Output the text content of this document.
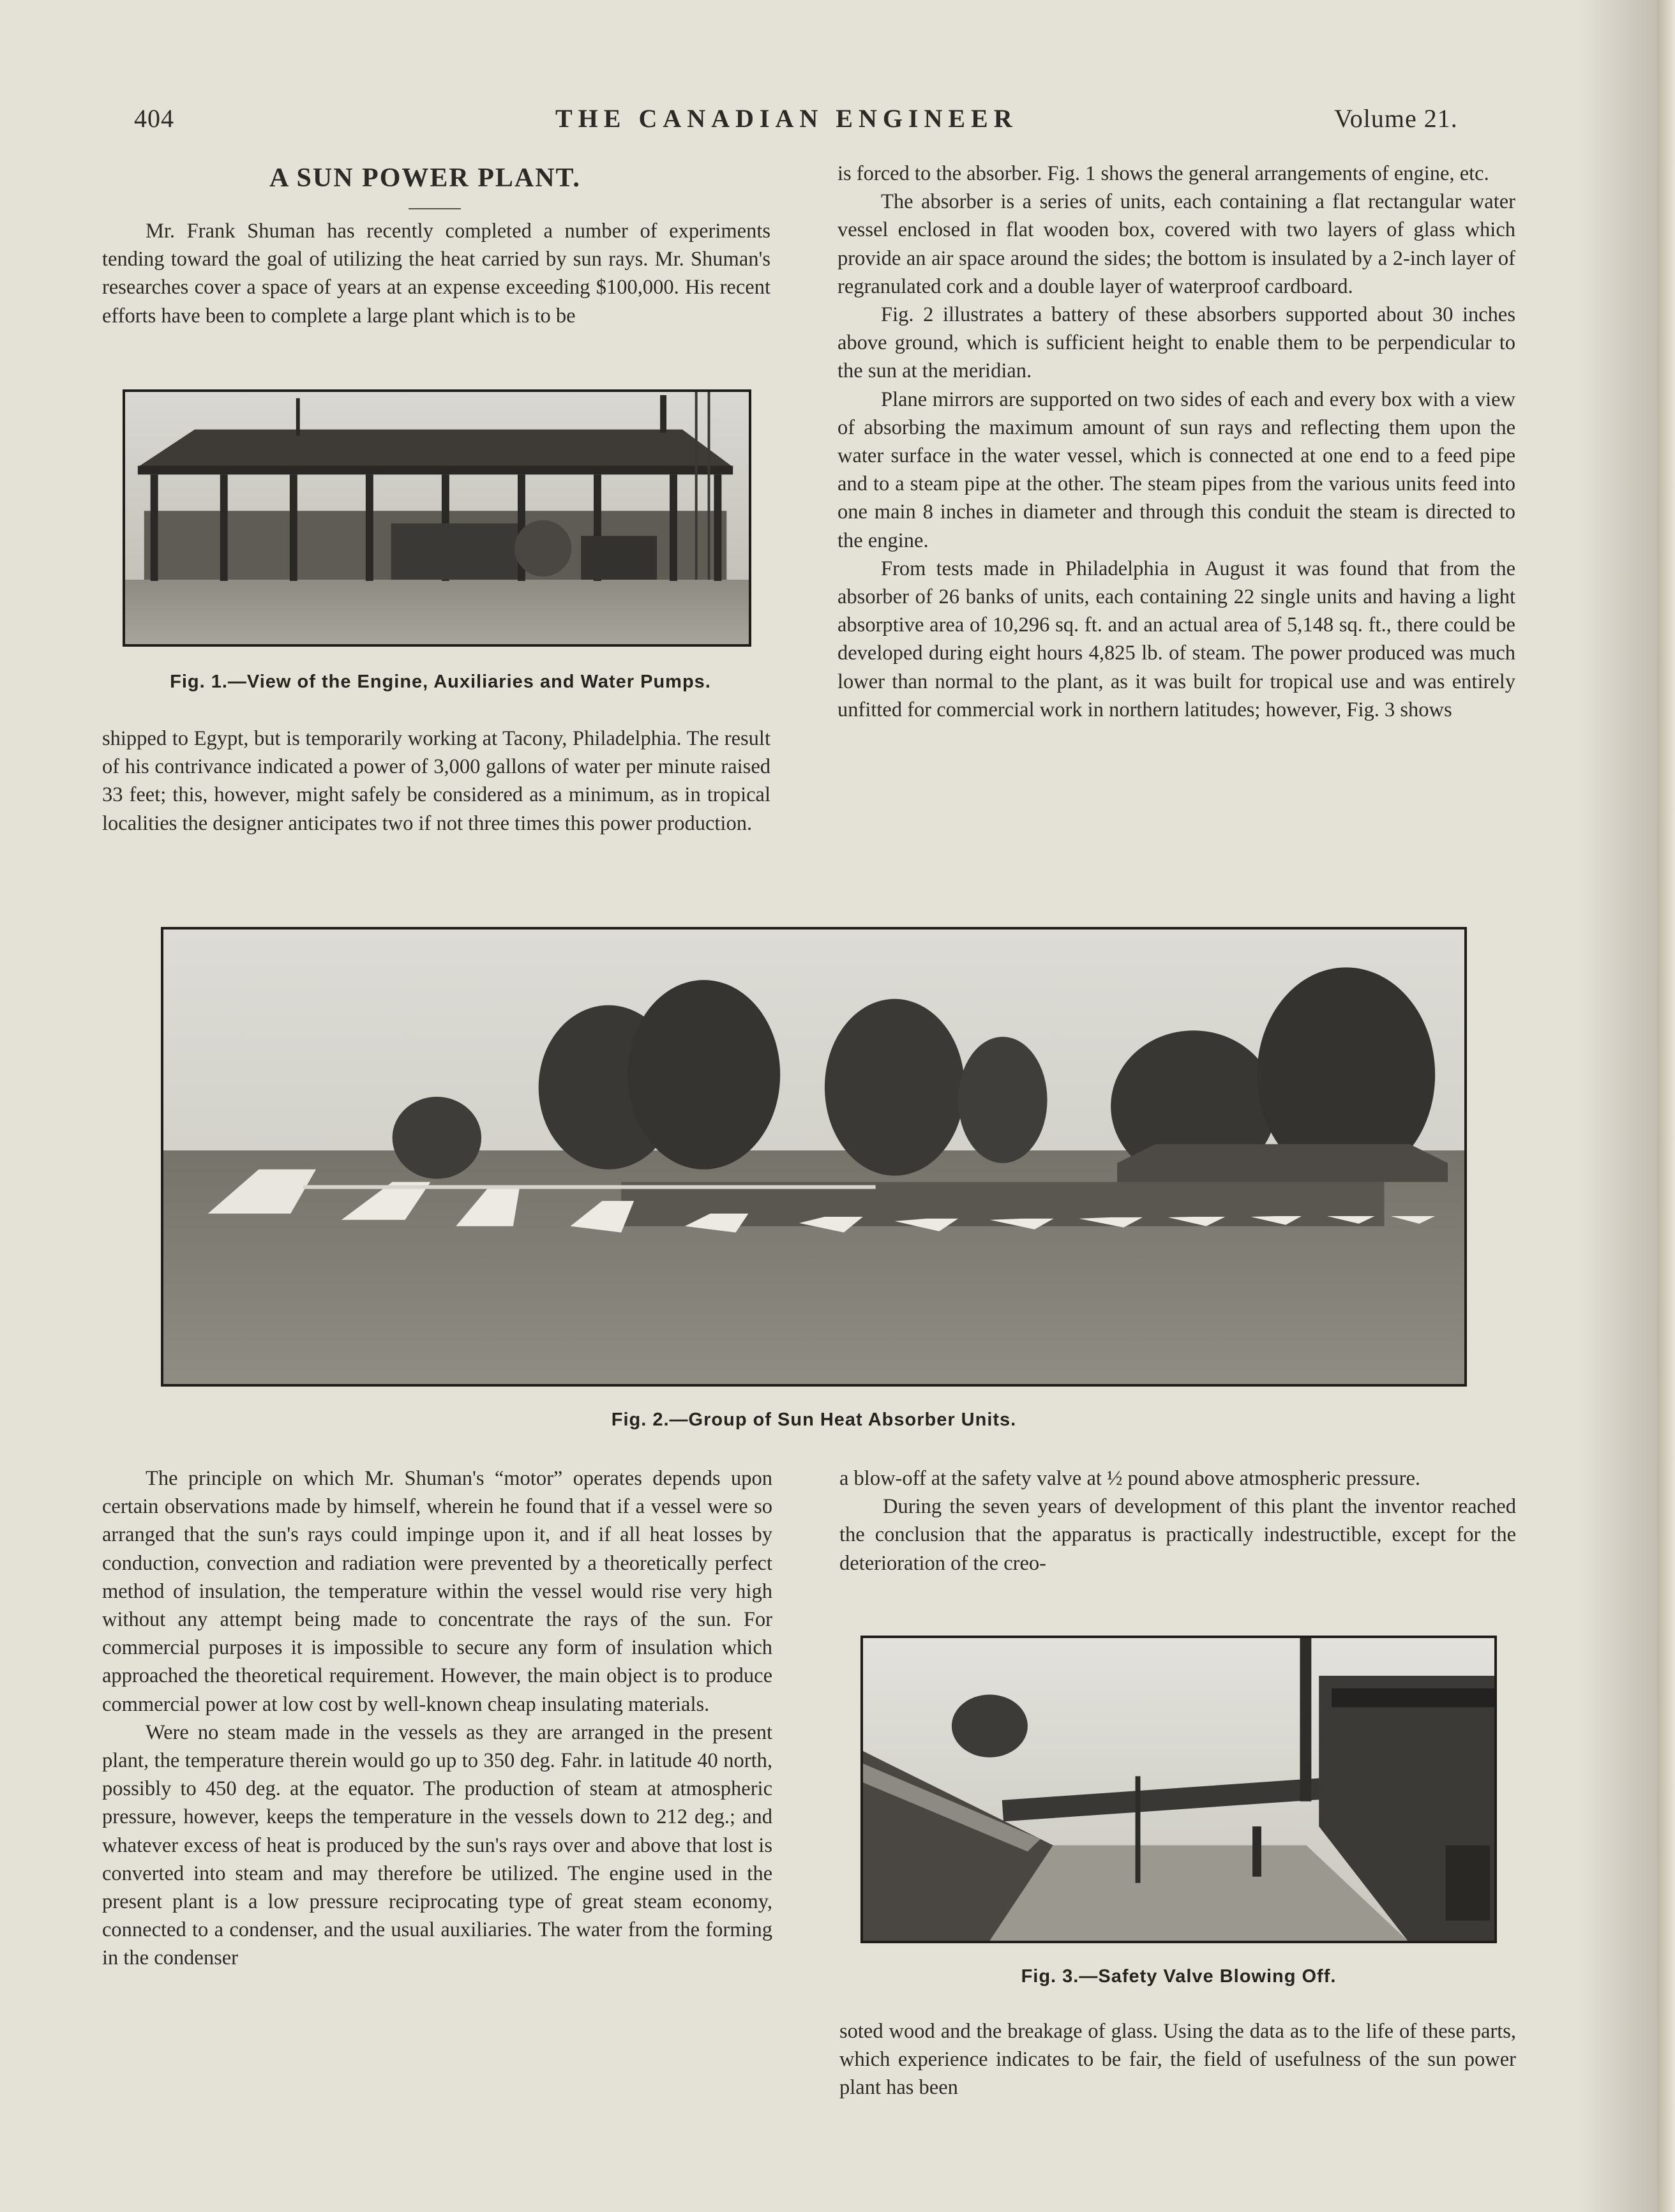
404	THE CANADIAN ENGINEER	Volume 21.
A SUN POWER PLANT.

Mr. Frank Shuman has recently completed a number of experiments tending toward the goal of utilizing the heat carried by sun rays. Mr. Shuman's researches cover a space of years at an expense exceeding $100,000. His recent efforts have been to complete a large plant which is to be

Fig. 1.—View of the Engine, Auxiliaries and Water Pumps.

shipped to Egypt, but is temporarily working at Tacony, Philadelphia. The result of his contrivance indicated a power of 3,000 gallons of water per minute raised 33 feet; this, however, might safely be considered as a minimum, as in tropical localities the designer anticipates two if not three times this power production.

is forced to the absorber. Fig. 1 shows the general arrangements of engine, etc.

The absorber is a series of units, each containing a flat rectangular water vessel enclosed in flat wooden box, covered with two layers of glass which provide an air space around the sides; the bottom is insulated by a 2-inch layer of regranulated cork and a double layer of waterproof cardboard.

Fig. 2 illustrates a battery of these absorbers supported about 30 inches above ground, which is sufficient height to enable them to be perpendicular to the sun at the meridian.

Plane mirrors are supported on two sides of each and every box with a view of absorbing the maximum amount of sun rays and reflecting them upon the water surface in the water vessel, which is connected at one end to a feed pipe and to a steam pipe at the other. The steam pipes from the various units feed into one main 8 inches in diameter and through this conduit the steam is directed to the engine.

From tests made in Philadelphia in August it was found that from the absorber of 26 banks of units, each containing 22 single units and having a light absorptive area of 10,296 sq. ft. and an actual area of 5,148 sq. ft., there could be developed during eight hours 4,825 lb. of steam. The power produced was much lower than normal to the plant, as it was built for tropical use and was entirely unfitted for commercial work in northern latitudes; however, Fig. 3 shows

Fig. 2.—Group of Sun Heat Absorber Units.

The principle on which Mr. Shuman's “motor” operates depends upon certain observations made by himself, wherein he found that if a vessel were so arranged that the sun's rays could impinge upon it, and if all heat losses by conduction, convection and radiation were prevented by a theoretically perfect method of insulation, the temperature within the vessel would rise very high without any attempt being made to concentrate the rays of the sun. For commercial purposes it is impossible to secure any form of insulation which approached the theoretical requirement. However, the main object is to produce commercial power at low cost by well-known cheap insulating materials.

Were no steam made in the vessels as they are arranged in the present plant, the temperature therein would go up to 350 deg. Fahr. in latitude 40 north, possibly to 450 deg. at the equator. The production of steam at atmospheric pressure, however, keeps the temperature in the vessels down to 212 deg.; and whatever excess of heat is produced by the sun's rays over and above that lost is converted into steam and may therefore be utilized. The engine used in the present plant is a low pressure reciprocating type of great steam economy, connected to a condenser, and the usual auxiliaries. The water from the forming in the condenser

a blow-off at the safety valve at ½ pound above atmospheric pressure.

During the seven years of development of this plant the inventor reached the conclusion that the apparatus is practically indestructible, except for the deterioration of the creo-

Fig. 3.—Safety Valve Blowing Off.

soted wood and the breakage of glass. Using the data as to the life of these parts, which experience indicates to be fair, the field of usefulness of the sun power plant has been
